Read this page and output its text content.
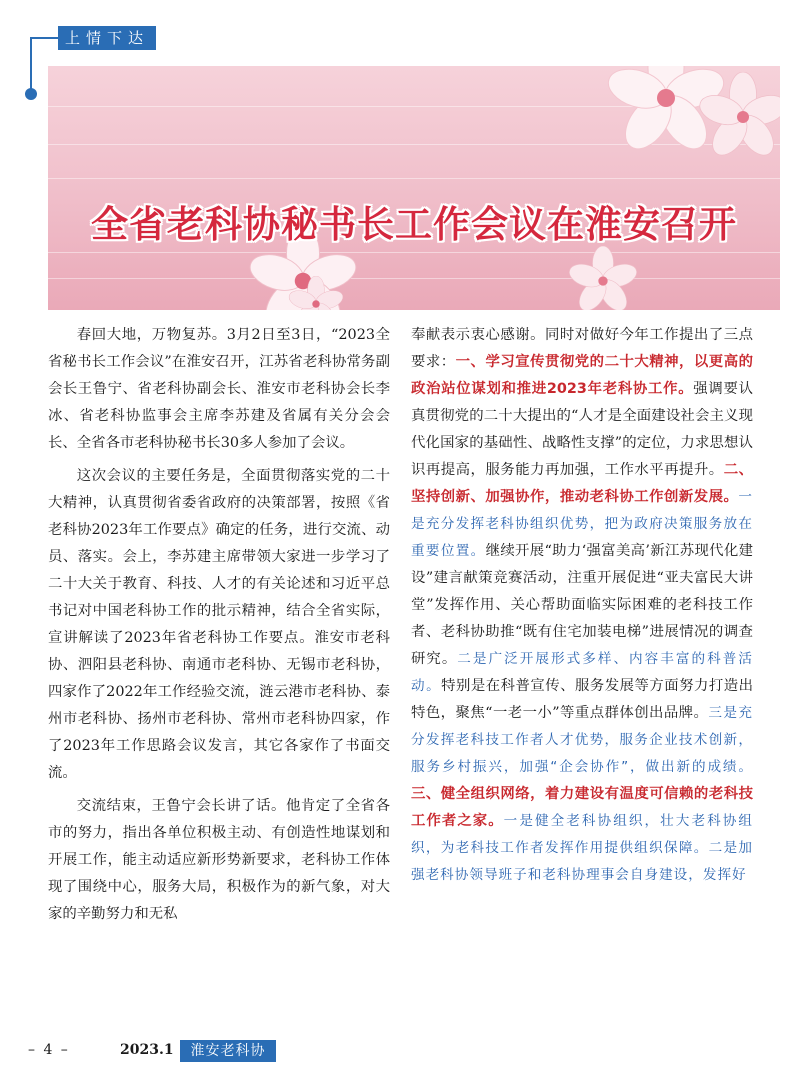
上情下达
全省老科协秘书长工作会议在淮安召开

春回大地，万物复苏。3月2日至3日，“2023全省秘书长工作会议”在淮安召开，江苏省老科协常务副会长王鲁宁、省老科协副会长、淮安市老科协会长李冰、省老科协监事会主席李苏建及省属有关分会会长、全省各市老科协秘书长30多人参加了会议。

这次会议的主要任务是，全面贯彻落实党的二十大精神，认真贯彻省委省政府的决策部署，按照《省老科协2023年工作要点》确定的任务，进行交流、动员、落实。会上，李苏建主席带领大家进一步学习了二十大关于教育、科技、人才的有关论述和习近平总书记对中国老科协工作的批示精神，结合全省实际，宣讲解读了2023年省老科协工作要点。淮安市老科协、泗阳县老科协、南通市老科协、无锡市老科协，四家作了2022年工作经验交流，涟云港市老科协、泰州市老科协、扬州市老科协、常州市老科协四家，作了2023年工作思路会议发言，其它各家作了书面交流。

交流结束，王鲁宁会长讲了话。他肯定了全省各市的努力，指出各单位积极主动、有创造性地谋划和开展工作，能主动适应新形势新要求，老科协工作体现了围绕中心，服务大局，积极作为的新气象，对大家的辛勤努力和无私

奉献表示衷心感谢。同时对做好今年工作提出了三点要求：一、学习宣传贯彻党的二十大精神，以更高的政治站位谋划和推进2023年老科协工作。强调要认真贯彻党的二十大提出的“人才是全面建设社会主义现代化国家的基础性、战略性支撑”的定位，力求思想认识再提高，服务能力再加强，工作水平再提升。二、坚持创新、加强协作，推动老科协工作创新发展。一是充分发挥老科协组织优势，把为政府决策服务放在重要位置。继续开展“助力‘强富美高’新江苏现代化建设”建言献策竞赛活动，注重开展促进“亚夫富民大讲堂”发挥作用、关心帮助面临实际困难的老科技工作者、老科协助推“既有住宅加装电梯”进展情况的调查研究。二是广泛开展形式多样、内容丰富的科普活动。特别是在科普宣传、服务发展等方面努力打造出特色，聚焦“一老一小”等重点群体创出品牌。三是充分发挥老科技工作者人才优势，服务企业技术创新，服务乡村振兴，加强“企会协作”，做出新的成绩。三、健全组织网络，着力建设有温度可信赖的老科技工作者之家。一是健全老科协组织，壮大老科协组织，为老科技工作者发挥作用提供组织保障。二是加强老科协领导班子和老科协理事会自身建设，发挥好

– 4 –	2023.1	淮安老科协
